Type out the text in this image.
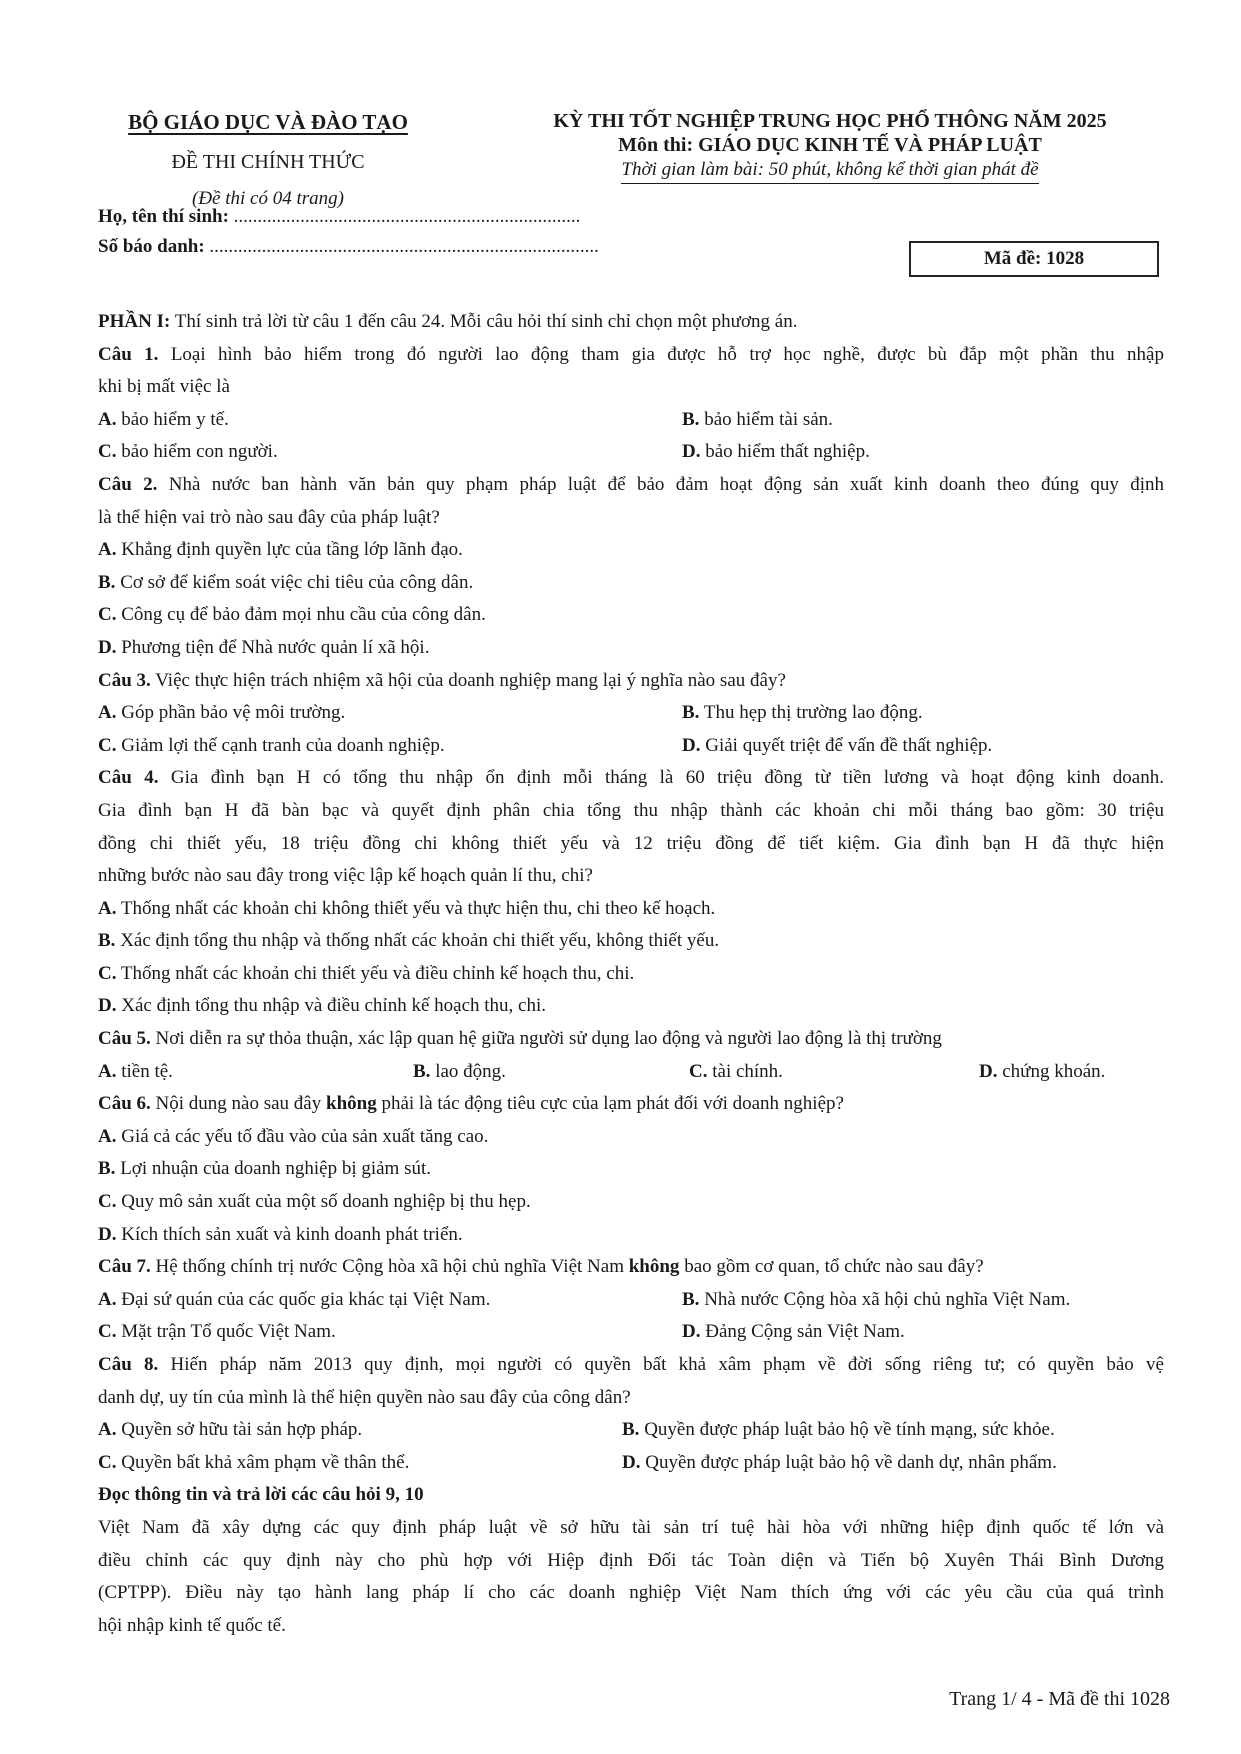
BỘ GIÁO DỤC VÀ ĐÀO TẠO
ĐỀ THI CHÍNH THỨC
(Đề thi có 04 trang)
KỲ THI TỐT NGHIỆP TRUNG HỌC PHỔ THÔNG NĂM 2025
Môn thi: GIÁO DỤC KINH TẾ VÀ PHÁP LUẬT
Thời gian làm bài: 50 phút, không kể thời gian phát đề
Họ, tên thí sinh: .........................................................................
Số báo danh: ..................................................................................
Mã đề: 1028
PHẦN I: Thí sinh trả lời từ câu 1 đến câu 24. Mỗi câu hỏi thí sinh chỉ chọn một phương án.
Câu 1. Loại hình bảo hiểm trong đó người lao động tham gia được hỗ trợ học nghề, được bù đắp một phần thu nhập
khi bị mất việc là
A. bảo hiểm y tế.	B. bảo hiểm tài sản.
C. bảo hiểm con người.	D. bảo hiểm thất nghiệp.
Câu 2. Nhà nước ban hành văn bản quy phạm pháp luật để bảo đảm hoạt động sản xuất kinh doanh theo đúng quy định
là thể hiện vai trò nào sau đây của pháp luật?
A. Khẳng định quyền lực của tầng lớp lãnh đạo.
B. Cơ sở để kiểm soát việc chi tiêu của công dân.
C. Công cụ để bảo đảm mọi nhu cầu của công dân.
D. Phương tiện để Nhà nước quản lí xã hội.
Câu 3. Việc thực hiện trách nhiệm xã hội của doanh nghiệp mang lại ý nghĩa nào sau đây?
A. Góp phần bảo vệ môi trường.	B. Thu hẹp thị trường lao động.
C. Giảm lợi thế cạnh tranh của doanh nghiệp.	D. Giải quyết triệt để vấn đề thất nghiệp.
Câu 4. Gia đình bạn H có tổng thu nhập ổn định mỗi tháng là 60 triệu đồng từ tiền lương và hoạt động kinh doanh.
Gia đình bạn H đã bàn bạc và quyết định phân chia tổng thu nhập thành các khoản chi mỗi tháng bao gồm: 30 triệu
đồng chi thiết yếu, 18 triệu đồng chi không thiết yếu và 12 triệu đồng để tiết kiệm. Gia đình bạn H đã thực hiện
những bước nào sau đây trong việc lập kế hoạch quản lí thu, chi?
A. Thống nhất các khoản chi không thiết yếu và thực hiện thu, chi theo kế hoạch.
B. Xác định tổng thu nhập và thống nhất các khoản chi thiết yếu, không thiết yếu.
C. Thống nhất các khoản chi thiết yếu và điều chỉnh kế hoạch thu, chi.
D. Xác định tổng thu nhập và điều chỉnh kế hoạch thu, chi.
Câu 5. Nơi diễn ra sự thỏa thuận, xác lập quan hệ giữa người sử dụng lao động và người lao động là thị trường
A. tiền tệ.	B. lao động.	C. tài chính.	D. chứng khoán.
Câu 6. Nội dung nào sau đây không phải là tác động tiêu cực của lạm phát đối với doanh nghiệp?
A. Giá cả các yếu tố đầu vào của sản xuất tăng cao.
B. Lợi nhuận của doanh nghiệp bị giảm sút.
C. Quy mô sản xuất của một số doanh nghiệp bị thu hẹp.
D. Kích thích sản xuất và kinh doanh phát triển.
Câu 7. Hệ thống chính trị nước Cộng hòa xã hội chủ nghĩa Việt Nam không bao gồm cơ quan, tổ chức nào sau đây?
A. Đại sứ quán của các quốc gia khác tại Việt Nam.	B. Nhà nước Cộng hòa xã hội chủ nghĩa Việt Nam.
C. Mặt trận Tổ quốc Việt Nam.	D. Đảng Cộng sản Việt Nam.
Câu 8. Hiến pháp năm 2013 quy định, mọi người có quyền bất khả xâm phạm về đời sống riêng tư; có quyền bảo vệ
danh dự, uy tín của mình là thể hiện quyền nào sau đây của công dân?
A. Quyền sở hữu tài sản hợp pháp.	B. Quyền được pháp luật bảo hộ về tính mạng, sức khỏe.
C. Quyền bất khả xâm phạm về thân thể.	D. Quyền được pháp luật bảo hộ về danh dự, nhân phẩm.
Đọc thông tin và trả lời các câu hỏi 9, 10
Việt Nam đã xây dựng các quy định pháp luật về sở hữu tài sản trí tuệ hài hòa với những hiệp định quốc tế lớn và
điều chỉnh các quy định này cho phù hợp với Hiệp định Đối tác Toàn diện và Tiến bộ Xuyên Thái Bình Dương
(CPTPP). Điều này tạo hành lang pháp lí cho các doanh nghiệp Việt Nam thích ứng với các yêu cầu của quá trình
hội nhập kinh tế quốc tế.
Trang 1/ 4 - Mã đề thi 1028
